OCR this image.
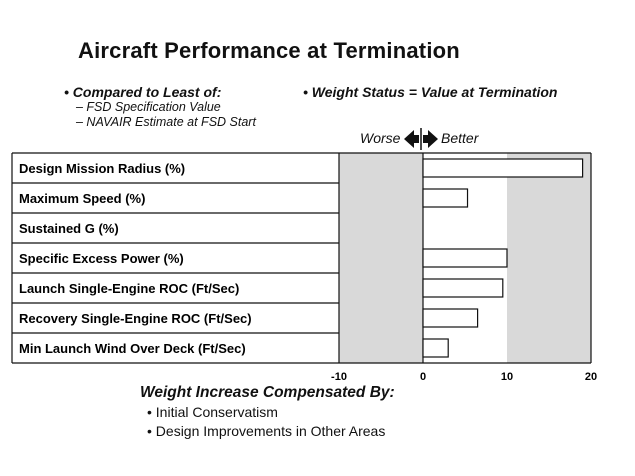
Aircraft Performance at Termination
• Compared to Least of:
– FSD Specification Value
– NAVAIR Estimate at FSD Start
• Weight Status = Value at Termination
Worse	Better
Design Mission Radius (%)
Maximum Speed (%)
Sustained G (%)
Specific Excess Power (%)
Launch Single-Engine ROC (Ft/Sec)
Recovery Single-Engine ROC (Ft/Sec)
Min Launch Wind Over Deck (Ft/Sec)
-10	0	10	20
Weight Increase Compensated By:
• Initial Conservatism
• Design Improvements in Other Areas
